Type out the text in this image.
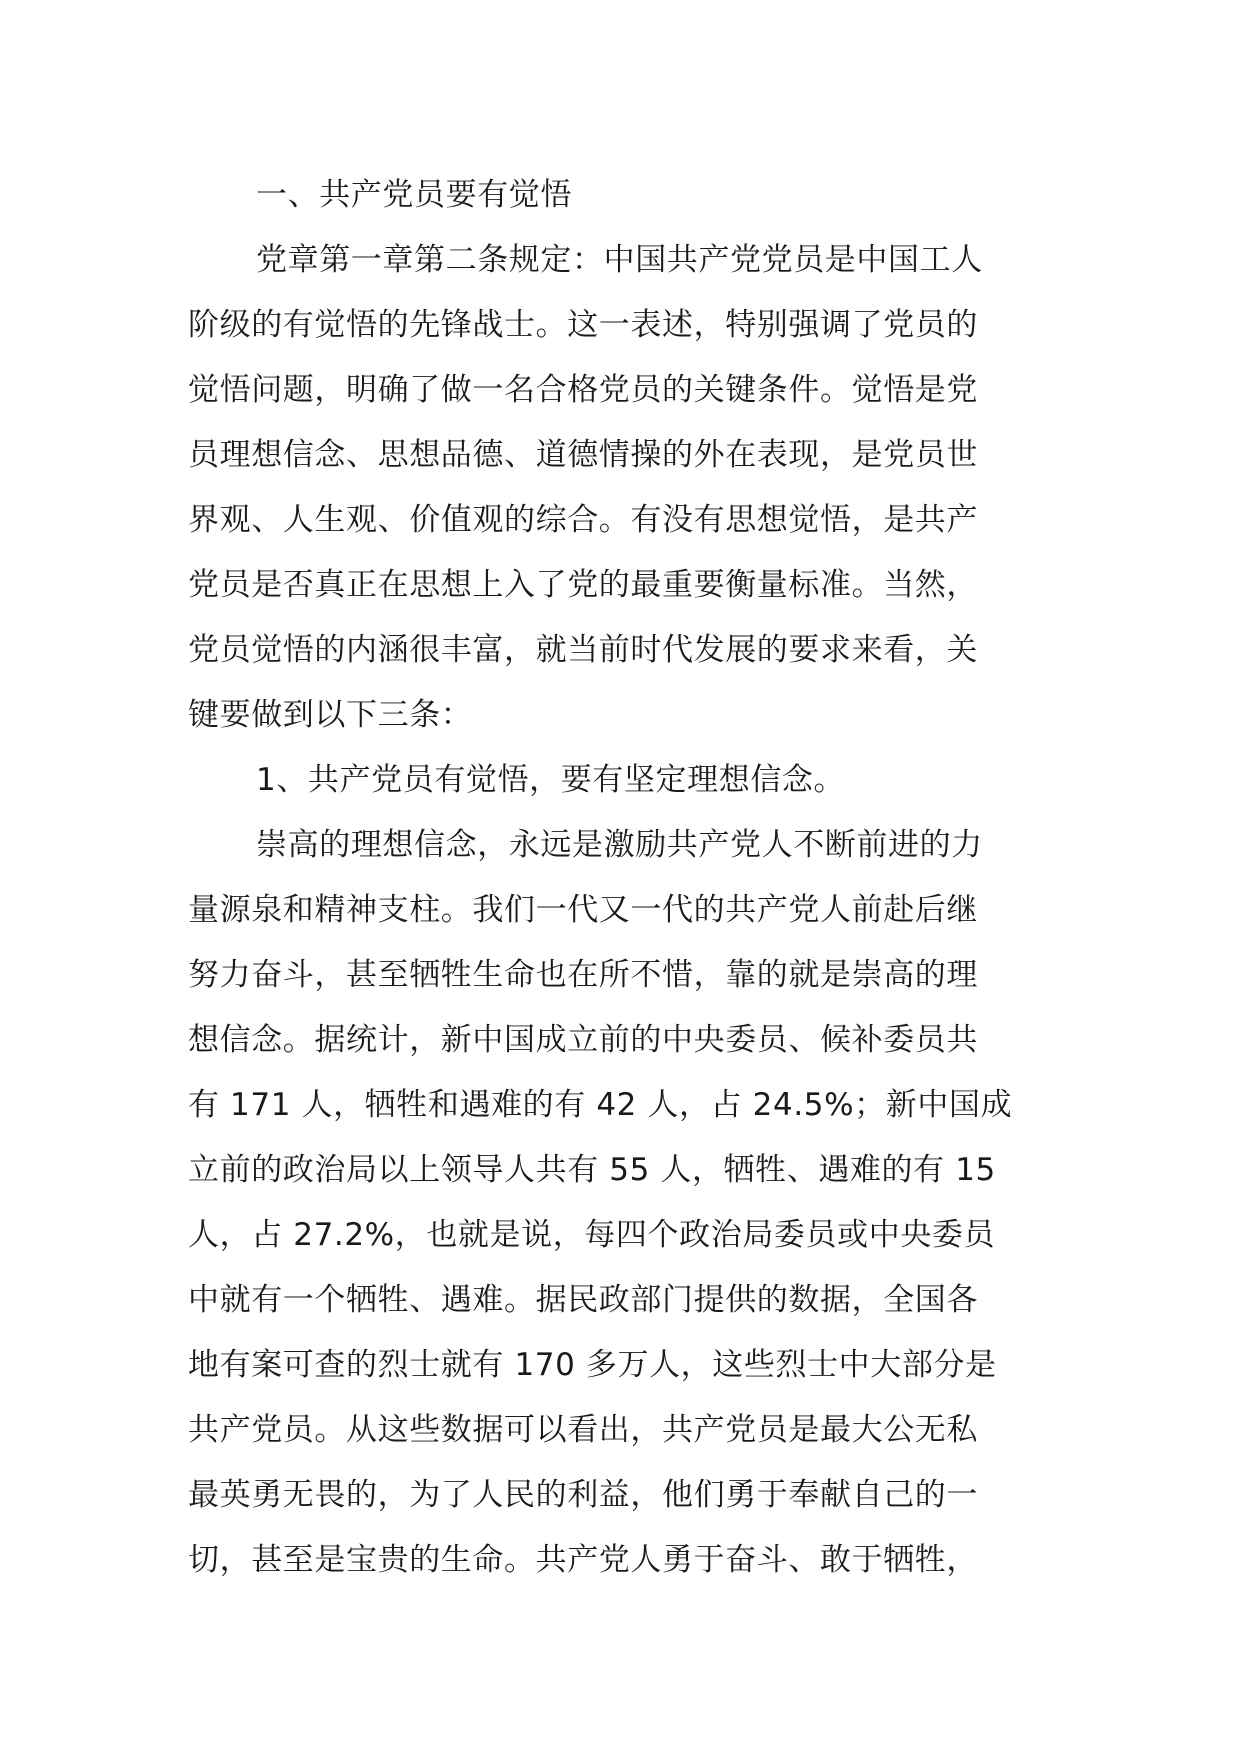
一、共产党员要有觉悟
党章第一章第二条规定：中国共产党党员是中国工人
阶级的有觉悟的先锋战士。这一表述，特别强调了党员的
觉悟问题，明确了做一名合格党员的关键条件。觉悟是党
员理想信念、思想品德、道德情操的外在表现，是党员世
界观、人生观、价值观的综合。有没有思想觉悟，是共产
党员是否真正在思想上入了党的最重要衡量标准。当然，
党员觉悟的内涵很丰富，就当前时代发展的要求来看，关
键要做到以下三条：
1、共产党员有觉悟，要有坚定理想信念。
崇高的理想信念，永远是激励共产党人不断前进的力
量源泉和精神支柱。我们一代又一代的共产党人前赴后继
努力奋斗，甚至牺牲生命也在所不惜，靠的就是崇高的理
想信念。据统计，新中国成立前的中央委员、候补委员共
有 171 人，牺牲和遇难的有 42 人，占 24.5%；新中国成
立前的政治局以上领导人共有 55 人，牺牲、遇难的有 15
人，占 27.2%，也就是说，每四个政治局委员或中央委员
中就有一个牺牲、遇难。据民政部门提供的数据，全国各
地有案可查的烈士就有 170 多万人，这些烈士中大部分是
共产党员。从这些数据可以看出，共产党员是最大公无私
最英勇无畏的，为了人民的利益，他们勇于奉献自己的一
切，甚至是宝贵的生命。共产党人勇于奋斗、敢于牺牲，
